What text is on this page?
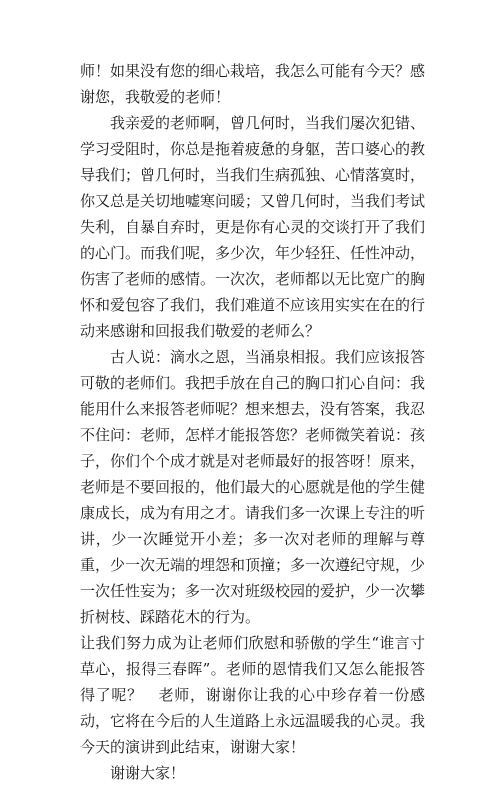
师！如果没有您的细心栽培，我怎么可能有今天？感谢您，我敬爱的老师！

我亲爱的老师啊，曾几何时，当我们屡次犯错、学习受阻时，你总是拖着疲惫的身躯，苦口婆心的教导我们；曾几何时，当我们生病孤独、心情落寞时，你又总是关切地嘘寒问暖；又曾几何时，当我们考试失利，自暴自弃时，更是你有心灵的交谈打开了我们的心门。而我们呢，多少次，年少轻狂、任性冲动，伤害了老师的感情。一次次，老师都以无比宽广的胸怀和爱包容了我们，我们难道不应该用实实在在的行动来感谢和回报我们敬爱的老师么？

古人说：滴水之恩，当涌泉相报。我们应该报答可敬的老师们。我把手放在自己的胸口扪心自问：我能用什么来报答老师呢？想来想去，没有答案，我忍不住问：老师，怎样才能报答您？老师微笑着说：孩子，你们个个成才就是对老师最好的报答呀！原来，老师是不要回报的，他们最大的心愿就是他的学生健康成长，成为有用之才。请我们多一次课上专注的听讲，少一次睡觉开小差；多一次对老师的理解与尊重，少一次无端的埋怨和顶撞；多一次遵纪守规，少一次任性妄为；多一次对班级校园的爱护，少一次攀折树枝、踩踏花木的行为。

让我们努力成为让老师们欣慰和骄傲的学生“谁言寸草心，报得三春晖”。老师的恩情我们又怎么能报答得了呢？　老师，谢谢你让我的心中珍存着一份感动，它将在今后的人生道路上永远温暖我的心灵。我今天的演讲到此结束，谢谢大家！

谢谢大家！
